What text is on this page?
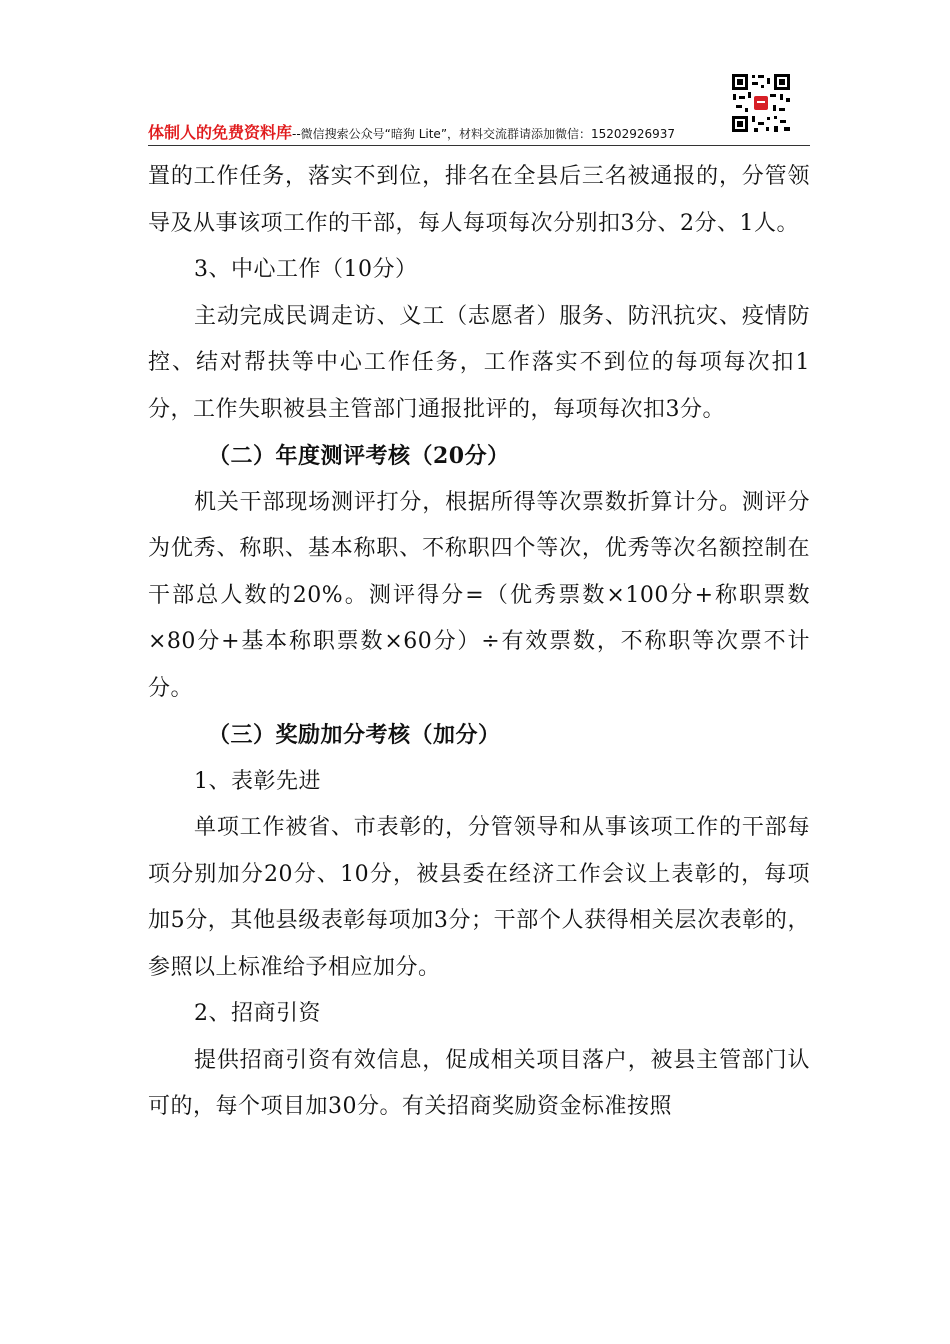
体制人的免费资料库--微信搜索公众号“暗狗 Lite”，材料交流群请添加微信：15202926937

置的工作任务，落实不到位，排名在全县后三名被通报的，分管领导及从事该项工作的干部，每人每项每次分别扣3分、2分、1人。

3、中心工作（10分）

主动完成民调走访、义工（志愿者）服务、防汛抗灾、疫情防控、结对帮扶等中心工作任务，工作落实不到位的每项每次扣1分，工作失职被县主管部门通报批评的，每项每次扣3分。

（二）年度测评考核（20分）

机关干部现场测评打分，根据所得等次票数折算计分。测评分为优秀、称职、基本称职、不称职四个等次，优秀等次名额控制在干部总人数的20%。测评得分=（优秀票数×100分+称职票数×80分+基本称职票数×60分）÷有效票数，不称职等次票不计分。

（三）奖励加分考核（加分）

1、表彰先进

单项工作被省、市表彰的，分管领导和从事该项工作的干部每项分别加分20分、10分，被县委在经济工作会议上表彰的，每项加5分，其他县级表彰每项加3分；干部个人获得相关层次表彰的，参照以上标准给予相应加分。

2、招商引资

提供招商引资有效信息，促成相关项目落户，被县主管部门认可的，每个项目加30分。有关招商奖励资金标准按照
